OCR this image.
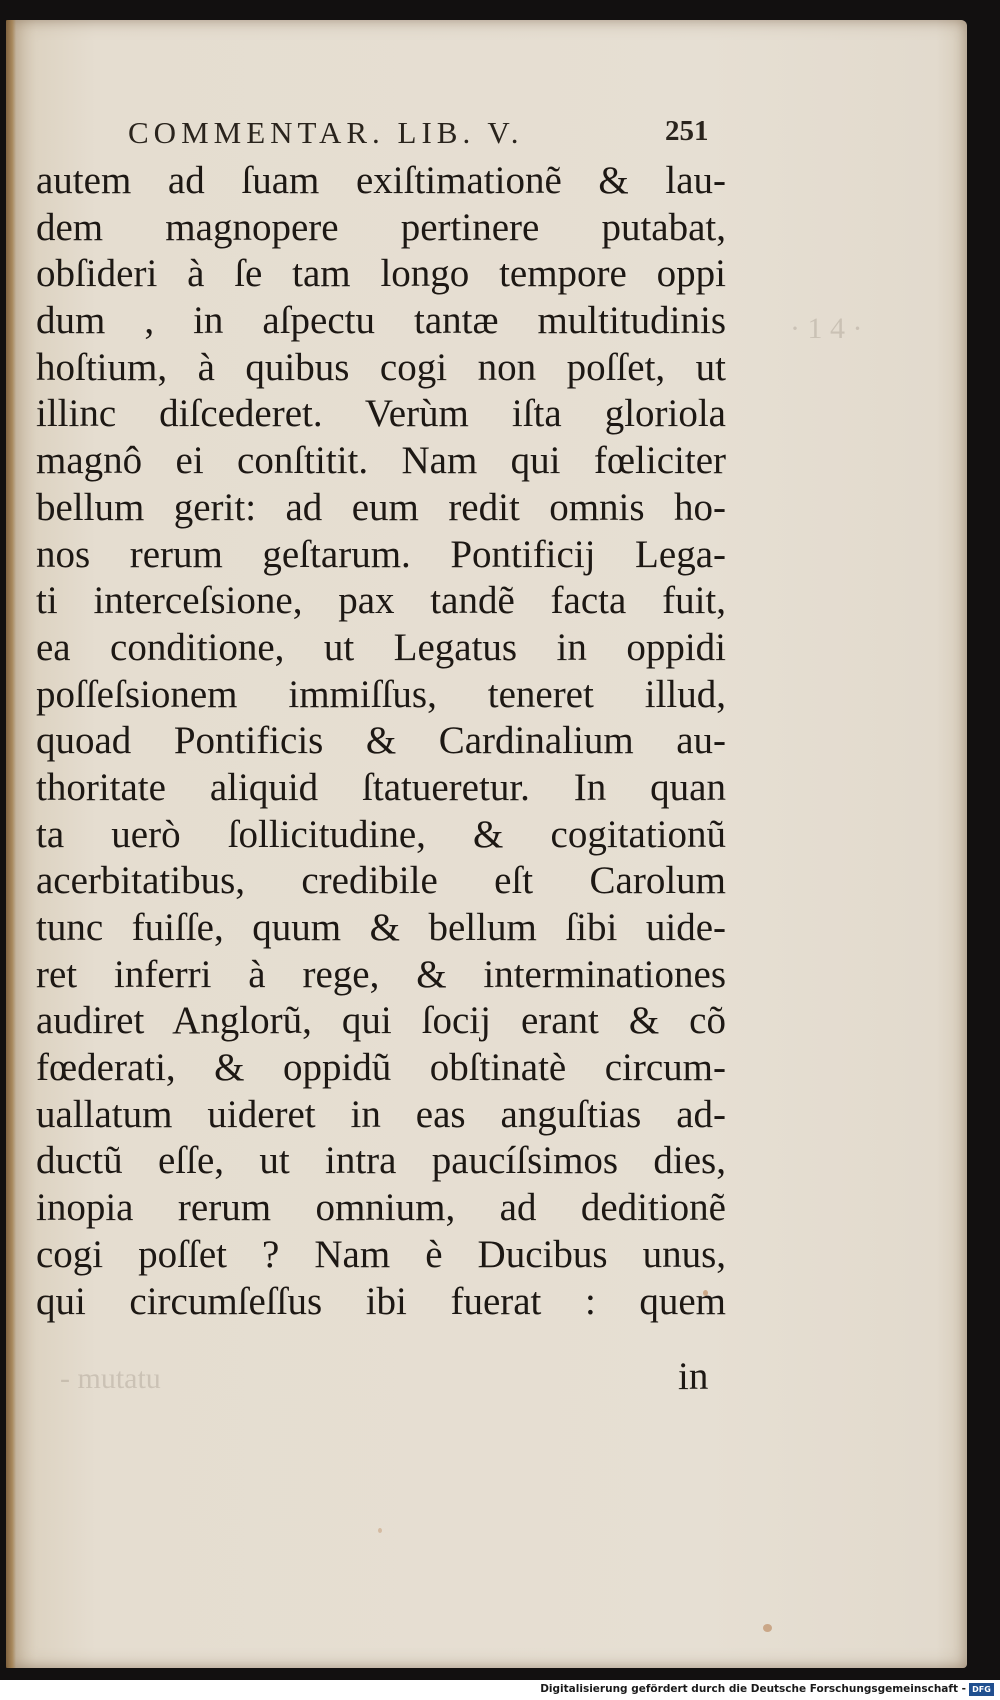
· 1 4 ·
- mutatu
COMMENTAR. LIB. V.	251
autem ad ſuam exiſtimationẽ & lau-
dem magnopere pertinere putabat,
obſideri à ſe tam longo tempore oppi
dum , in aſpectu tantæ multitudinis
hoſtium, à quibus cogi non poſſet, ut
illinc diſcederet. Verùm iſta gloriola
magnô ei conſtitit. Nam qui fœliciter
bellum gerit: ad eum redit omnis ho-
nos rerum geſtarum. Pontificij Lega-
ti interceſsione, pax tandẽ facta fuit,
ea conditione, ut Legatus in oppidi
poſſeſsionem immiſſus, teneret illud,
quoad Pontificis & Cardinalium au-
thoritate aliquid ſtatueretur. In quan
ta uerò ſollicitudine, & cogitationũ
acerbitatibus, credibile eſt Carolum
tunc fuiſſe, quum & bellum ſibi uide-
ret inferri à rege, & interminationes
audiret Anglorũ, qui ſocij erant & cõ
fœderati, & oppidũ obſtinatè circum-
uallatum uideret in eas anguſtias ad-
ductũ eſſe, ut intra paucíſsimos dies,
inopia rerum omnium, ad deditionẽ
cogi poſſet ? Nam è Ducibus unus,
qui circumſeſſus ibi fuerat : quem
in
Digitalisierung gefördert durch die Deutsche Forschungsgemeinschaft - DFG
